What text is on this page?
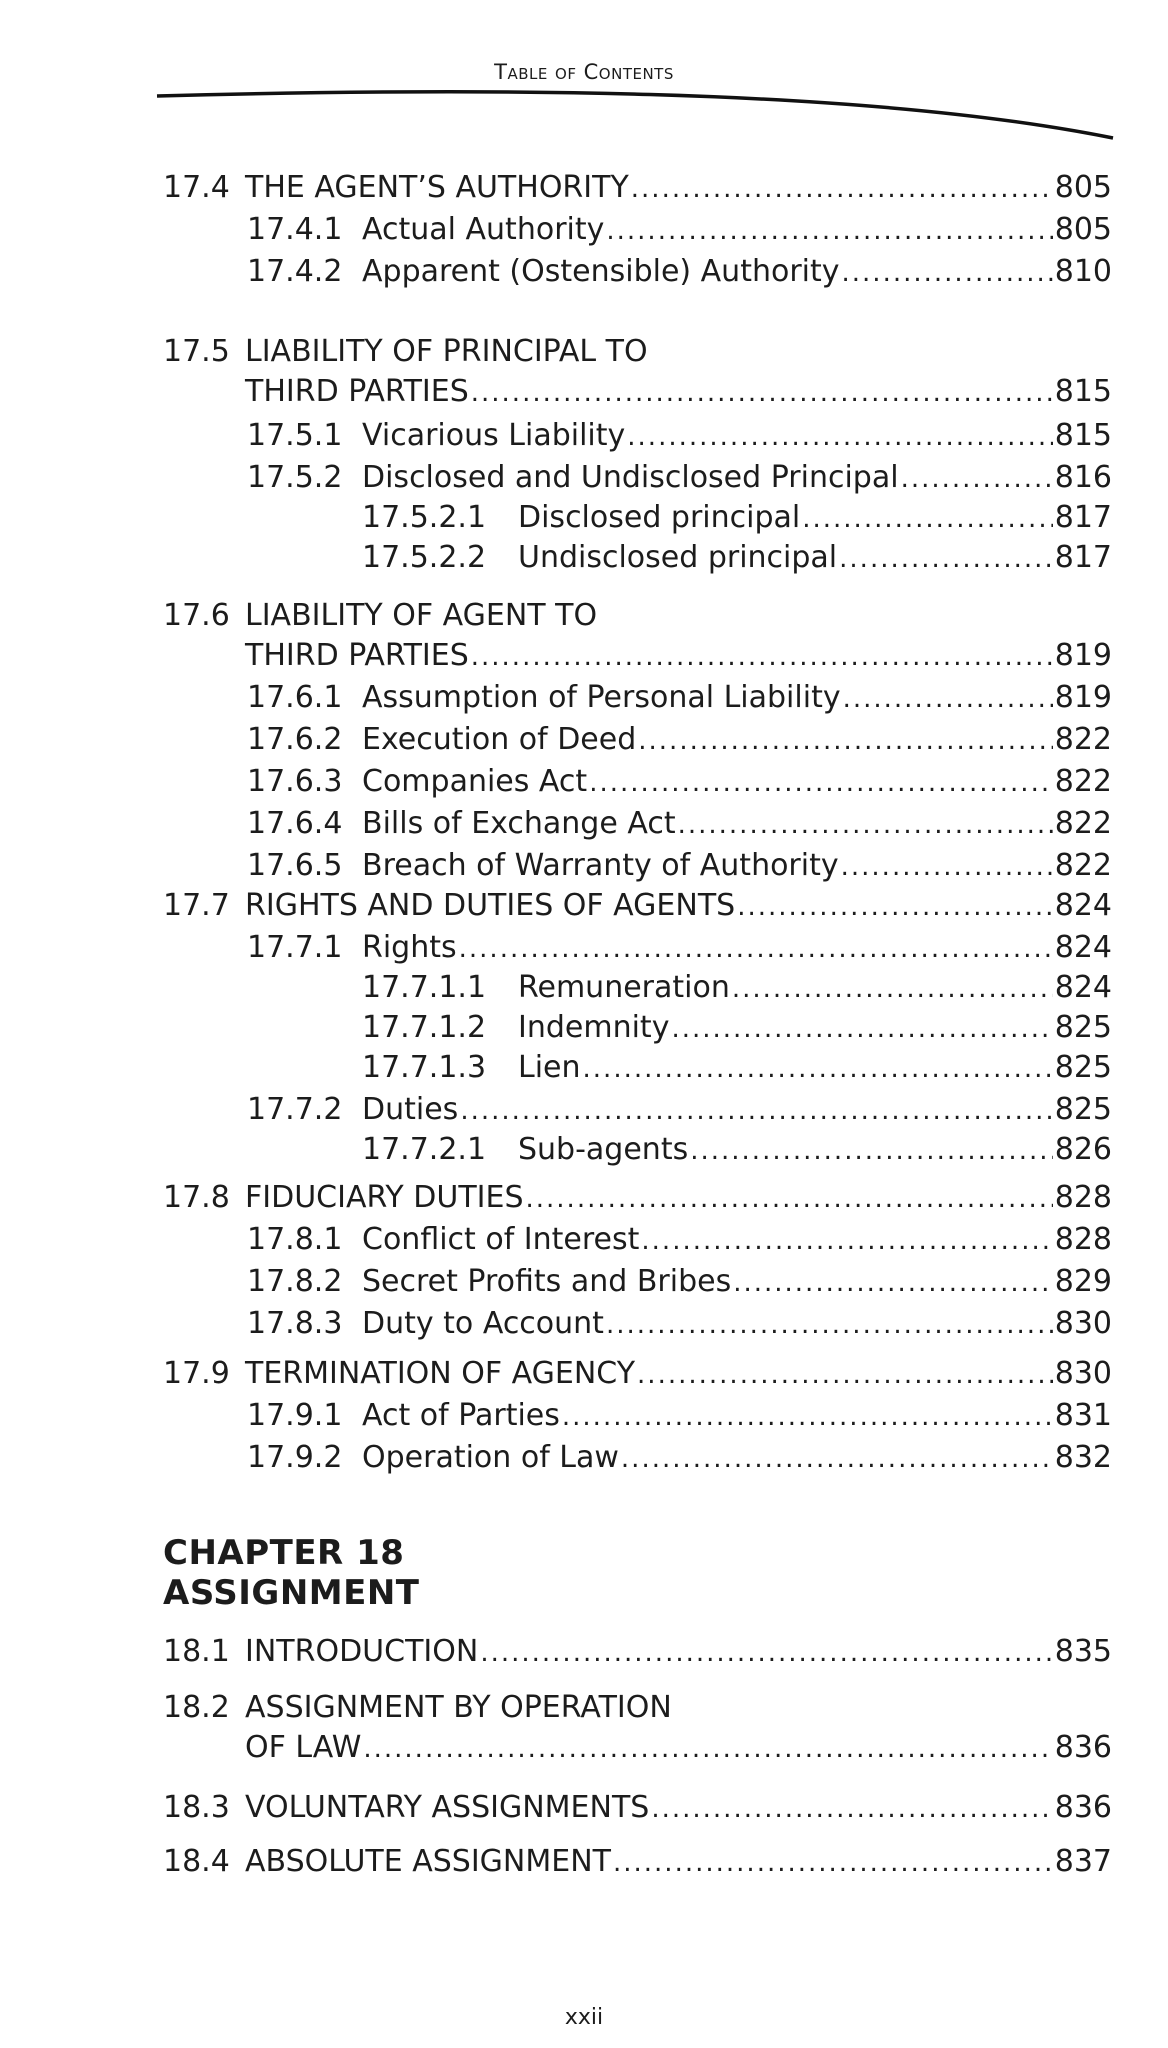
Table of Contents
17.4 THE AGENT’S AUTHORITY .....	805
17.4.1 Actual Authority .....	805
17.4.2 Apparent (Ostensible) Authority .....	810
17.5 LIABILITY OF PRINCIPAL TO
THIRD PARTIES .....	815
17.5.1 Vicarious Liability .....	815
17.5.2 Disclosed and Undisclosed Principal .....	816
17.5.2.1 Disclosed principal .....	817
17.5.2.2 Undisclosed principal .....	817
17.6 LIABILITY OF AGENT TO
THIRD PARTIES .....	819
17.6.1 Assumption of Personal Liability .....	819
17.6.2 Execution of Deed .....	822
17.6.3 Companies Act .....	822
17.6.4 Bills of Exchange Act .....	822
17.6.5 Breach of Warranty of Authority .....	822
17.7 RIGHTS AND DUTIES OF AGENTS .....	824
17.7.1 Rights .....	824
17.7.1.1 Remuneration .....	824
17.7.1.2 Indemnity .....	825
17.7.1.3 Lien .....	825
17.7.2 Duties .....	825
17.7.2.1 Sub-agents .....	826
17.8 FIDUCIARY DUTIES .....	828
17.8.1 Conflict of Interest .....	828
17.8.2 Secret Profits and Bribes .....	829
17.8.3 Duty to Account .....	830
17.9 TERMINATION OF AGENCY .....	830
17.9.1 Act of Parties .....	831
17.9.2 Operation of Law .....	832
18.1 INTRODUCTION .....	835
18.2 ASSIGNMENT BY OPERATION
OF LAW .....	836
18.3 VOLUNTARY ASSIGNMENTS .....	836
18.4 ABSOLUTE ASSIGNMENT .....	837
CHAPTER 18
ASSIGNMENT
xxii
